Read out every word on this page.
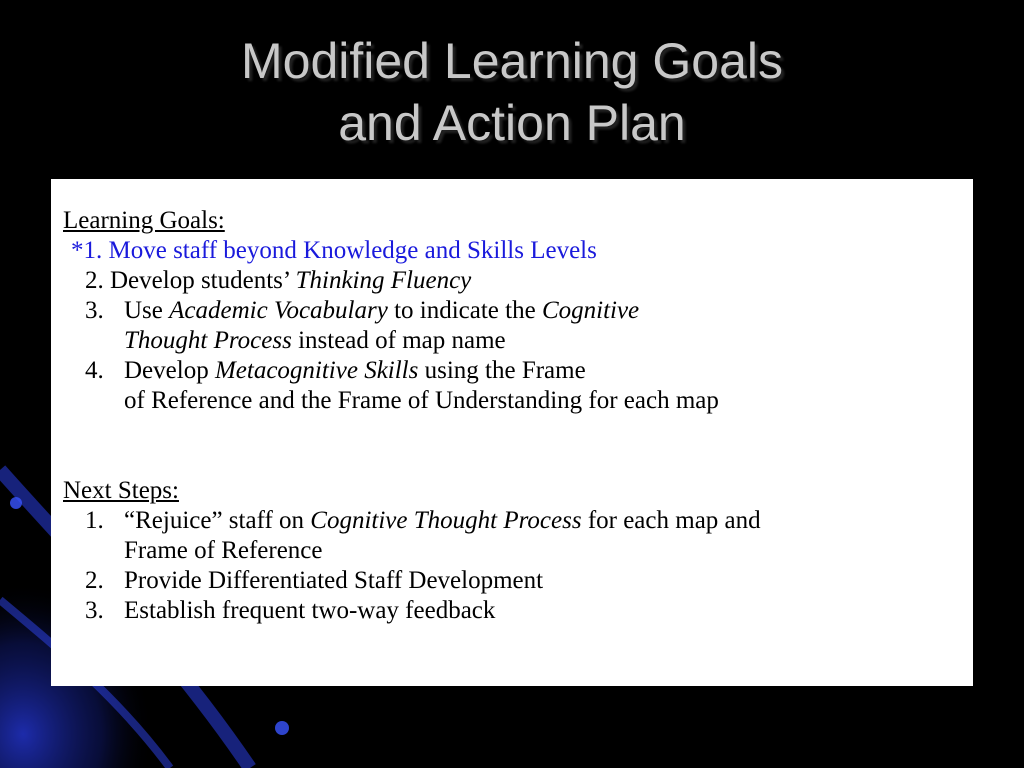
Modified Learning Goals
and Action Plan
Learning Goals:
*1. Move staff beyond Knowledge and Skills Levels
2. Develop students’ Thinking Fluency
3. Use Academic Vocabulary to indicate the Cognitive
Thought Process instead of map name
4. Develop Metacognitive Skills using the Frame
of Reference and the Frame of Understanding for each map
Next Steps:
1. “Rejuice” staff on Cognitive Thought Process for each map and
Frame of Reference
2. Provide Differentiated Staff Development
3. Establish frequent two-way feedback
